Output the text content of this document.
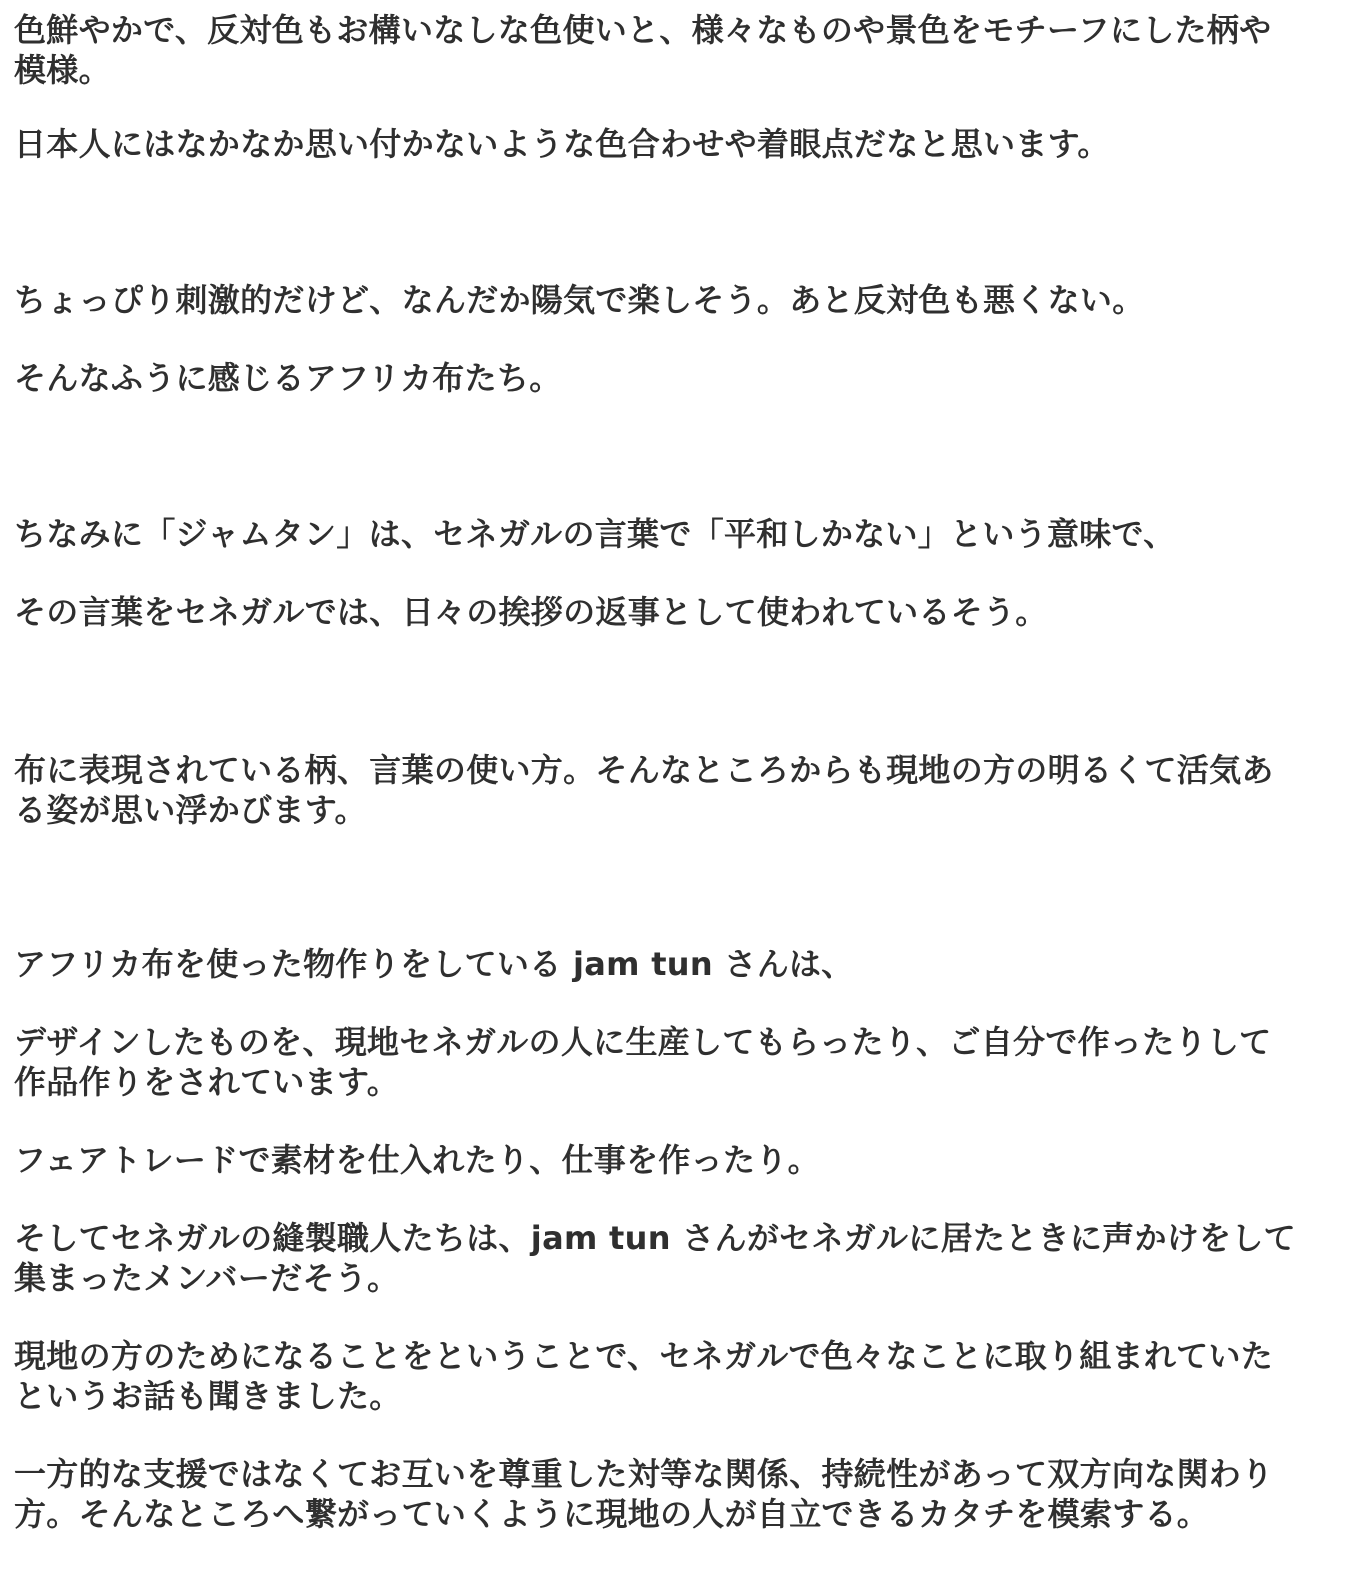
色鮮やかで、反対色もお構いなしな色使いと、様々なものや景色をモチーフにした柄や
模様。

日本人にはなかなか思い付かないような色合わせや着眼点だなと思います。

ちょっぴり刺激的だけど、なんだか陽気で楽しそう。あと反対色も悪くない。

そんなふうに感じるアフリカ布たち。

ちなみに「ジャムタン」は、セネガルの言葉で「平和しかない」という意味で、

その言葉をセネガルでは、日々の挨拶の返事として使われているそう。

布に表現されている柄、言葉の使い方。そんなところからも現地の方の明るくて活気あ
る姿が思い浮かびます。

アフリカ布を使った物作りをしている jam tun さんは、

デザインしたものを、現地セネガルの人に生産してもらったり、ご自分で作ったりして
作品作りをされています。

フェアトレードで素材を仕入れたり、仕事を作ったり。

そしてセネガルの縫製職人たちは、jam tun さんがセネガルに居たときに声かけをして
集まったメンバーだそう。

現地の方のためになることをということで、セネガルで色々なことに取り組まれていた
というお話も聞きました。

一方的な支援ではなくてお互いを尊重した対等な関係、持続性があって双方向な関わり
方。そんなところへ繋がっていくように現地の人が自立できるカタチを模索する。
